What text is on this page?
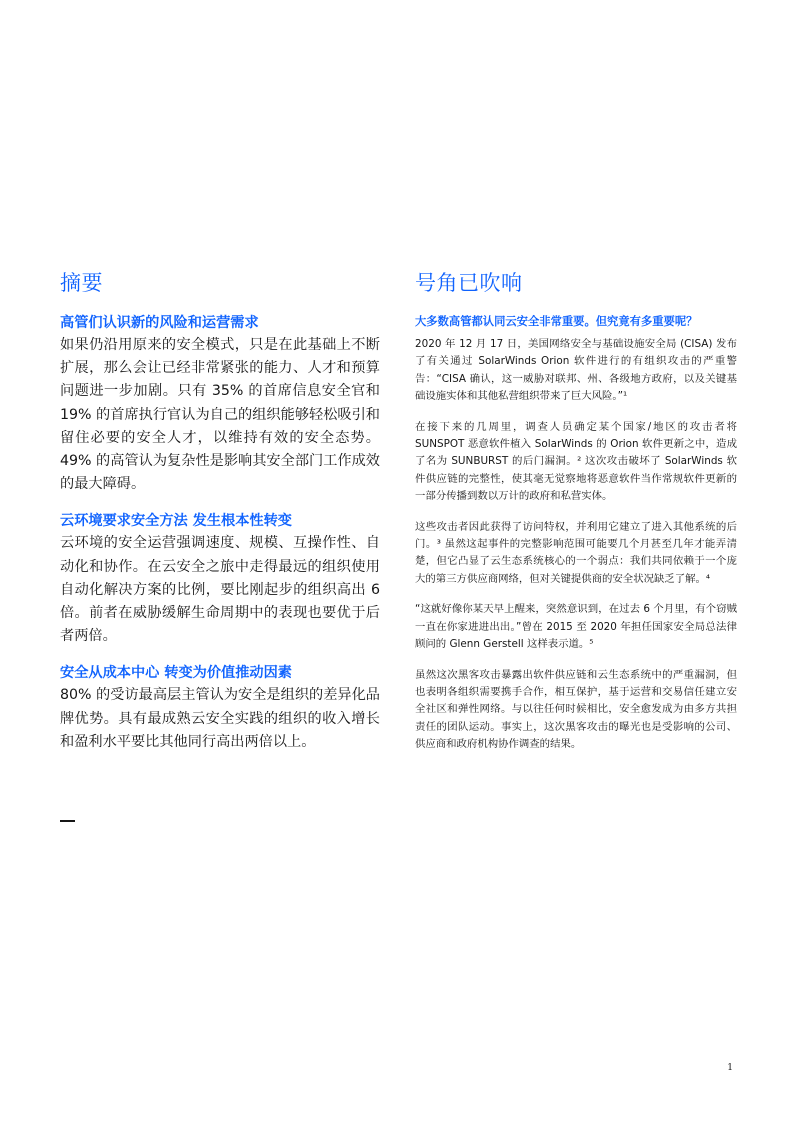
摘要
高管们认识新的风险和运营需求

如果仍沿用原来的安全模式，只是在此基础上不断扩展，那么会让已经非常紧张的能力、人才和预算问题进一步加剧。只有 35% 的首席信息安全官和 19% 的首席执行官认为自己的组织能够轻松吸引和留住必要的安全人才，以维持有效的安全态势。49% 的高管认为复杂性是影响其安全部门工作成效的最大障碍。

云环境要求安全方法 发生根本性转变

云环境的安全运营强调速度、规模、互操作性、自动化和协作。在云安全之旅中走得最远的组织使用自动化解决方案的比例，要比刚起步的组织高出 6 倍。前者在威胁缓解生命周期中的表现也要优于后者两倍。

安全从成本中心 转变为价值推动因素

80% 的受访最高层主管认为安全是组织的差异化品牌优势。具有最成熟云安全实践的组织的收入增长和盈利水平要比其他同行高出两倍以上。

号角已吹响
大多数高管都认同云安全非常重要。但究竟有多重要呢？

2020 年 12 月 17 日，美国网络安全与基础设施安全局 (CISA) 发布了有关通过 SolarWinds Orion 软件进行的有组织攻击的严重警告：“CISA 确认，这一威胁对联邦、州、各级地方政府，以及关键基础设施实体和其他私营组织带来了巨大风险。”¹

在接下来的几周里，调查人员确定某个国家/地区的攻击者将 SUNSPOT 恶意软件植入 SolarWinds 的 Orion 软件更新之中，造成了名为 SUNBURST 的后门漏洞。² 这次攻击破坏了 SolarWinds 软件供应链的完整性，使其毫无觉察地将恶意软件当作常规软件更新的一部分传播到数以万计的政府和私营实体。

这些攻击者因此获得了访问特权，并利用它建立了进入其他系统的后门。³ 虽然这起事件的完整影响范围可能要几个月甚至几年才能弄清楚，但它凸显了云生态系统核心的一个弱点：我们共同依赖于一个庞大的第三方供应商网络，但对关键提供商的安全状况缺乏了解。⁴

“这就好像你某天早上醒来，突然意识到，在过去 6 个月里，有个窃贼一直在你家进进出出。”曾在 2015 至 2020 年担任国家安全局总法律顾问的 Glenn Gerstell 这样表示道。⁵

虽然这次黑客攻击暴露出软件供应链和云生态系统中的严重漏洞，但也表明各组织需要携手合作，相互保护，基于运营和交易信任建立安全社区和弹性网络。与以往任何时候相比，安全愈发成为由多方共担责任的团队运动。事实上，这次黑客攻击的曝光也是受影响的公司、供应商和政府机构协作调查的结果。

1
